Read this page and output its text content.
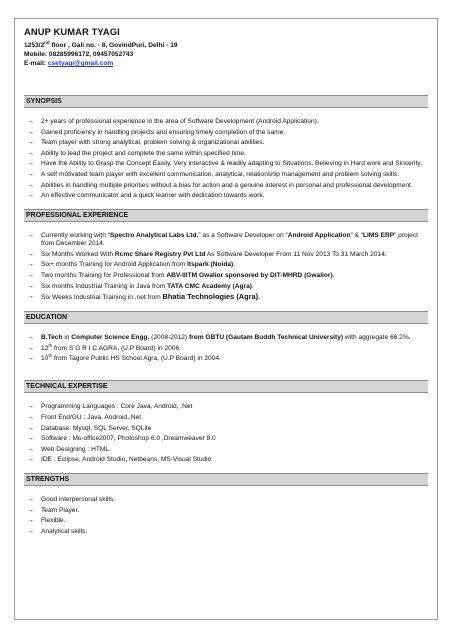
ANUP KUMAR TYAGI
1253/2nd floor , Gali no. - 8, GovindPuri, Delhi - 19
Mobile: 08285996172, 09457052743
E-mail: csetyagi@gmail.com
SYNOPSIS
→ 2+ years of professional experience in the area of Software Development (Android Application).
→ Gained proficiency in handling projects and ensuring timely completion of the same.
→ Team player with strong analytical, problem solving & organizational abilities.
→ Ability to lead the project and complete the same within specified time.
→ Have the Ability to Grasp the Concept Easily, Very interactive & readily adapting to Situations, Believing in Hard work and Sincerity.
→ A self motivated team player with excellent communication, analytical, relationship management and problem solving skills.
→ Abilities in handling multiple priorities without a bias for action and a genuine interest in personal and professional development.
→ An effective communicator and a quick learner with dedication towards work.
PROFESSIONAL EXPERIENCE
→ Currently working with “Spectro Analytical Labs Ltd.” as a Software Developer on “Android Application” & “LIMS ERP” project from December 2014.
→ Six Months Worked With Rcmc Share Registry Pvt Ltd As Software Developer From 11 Nov 2013 To 31 March 2014.
→ Six+ months Training for Android Application from Itspark (Noida).
→ Two months Training for Professional from ABV-IIITM Gwalior sponsored by DIT-MHRD (Gwalior).
→ Six months Industrial Training in Java from TATA CMC Academy (Agra).
→ Six Weeks Industrial Training in .net from Bhatia Technologies (Agra).
EDUCATION
→ B.Tech in Computer Science Engg. (2008-2012) from GBTU (Gautam Buddh Technical University) with aggregate 66.2%.
→ 12th from S G R I C AGRA, (U.P Board) in 2006.
→ 10th from Tagore Public HS School Agra, (U.P Board) in 2004.
TECHNICAL EXPERTISE
→ Programming Languages : Core Java, Android, .Net
→ Front End/GU : Java, Android,.Net
→ Database: Mysql, SQL Server, SQLite
→ Software : Ms-office2007, Photoshop 6.0 ,Dreamweaver 8.0
→ Web Designing : HTML
→ IDE : Eclipse, Android Studio, Netbeans, MS-Visual Studio
STRENGTHS
→ Good interpersonal skills.
→ Team Player.
→ Flexible.
→ Analytical skills.
